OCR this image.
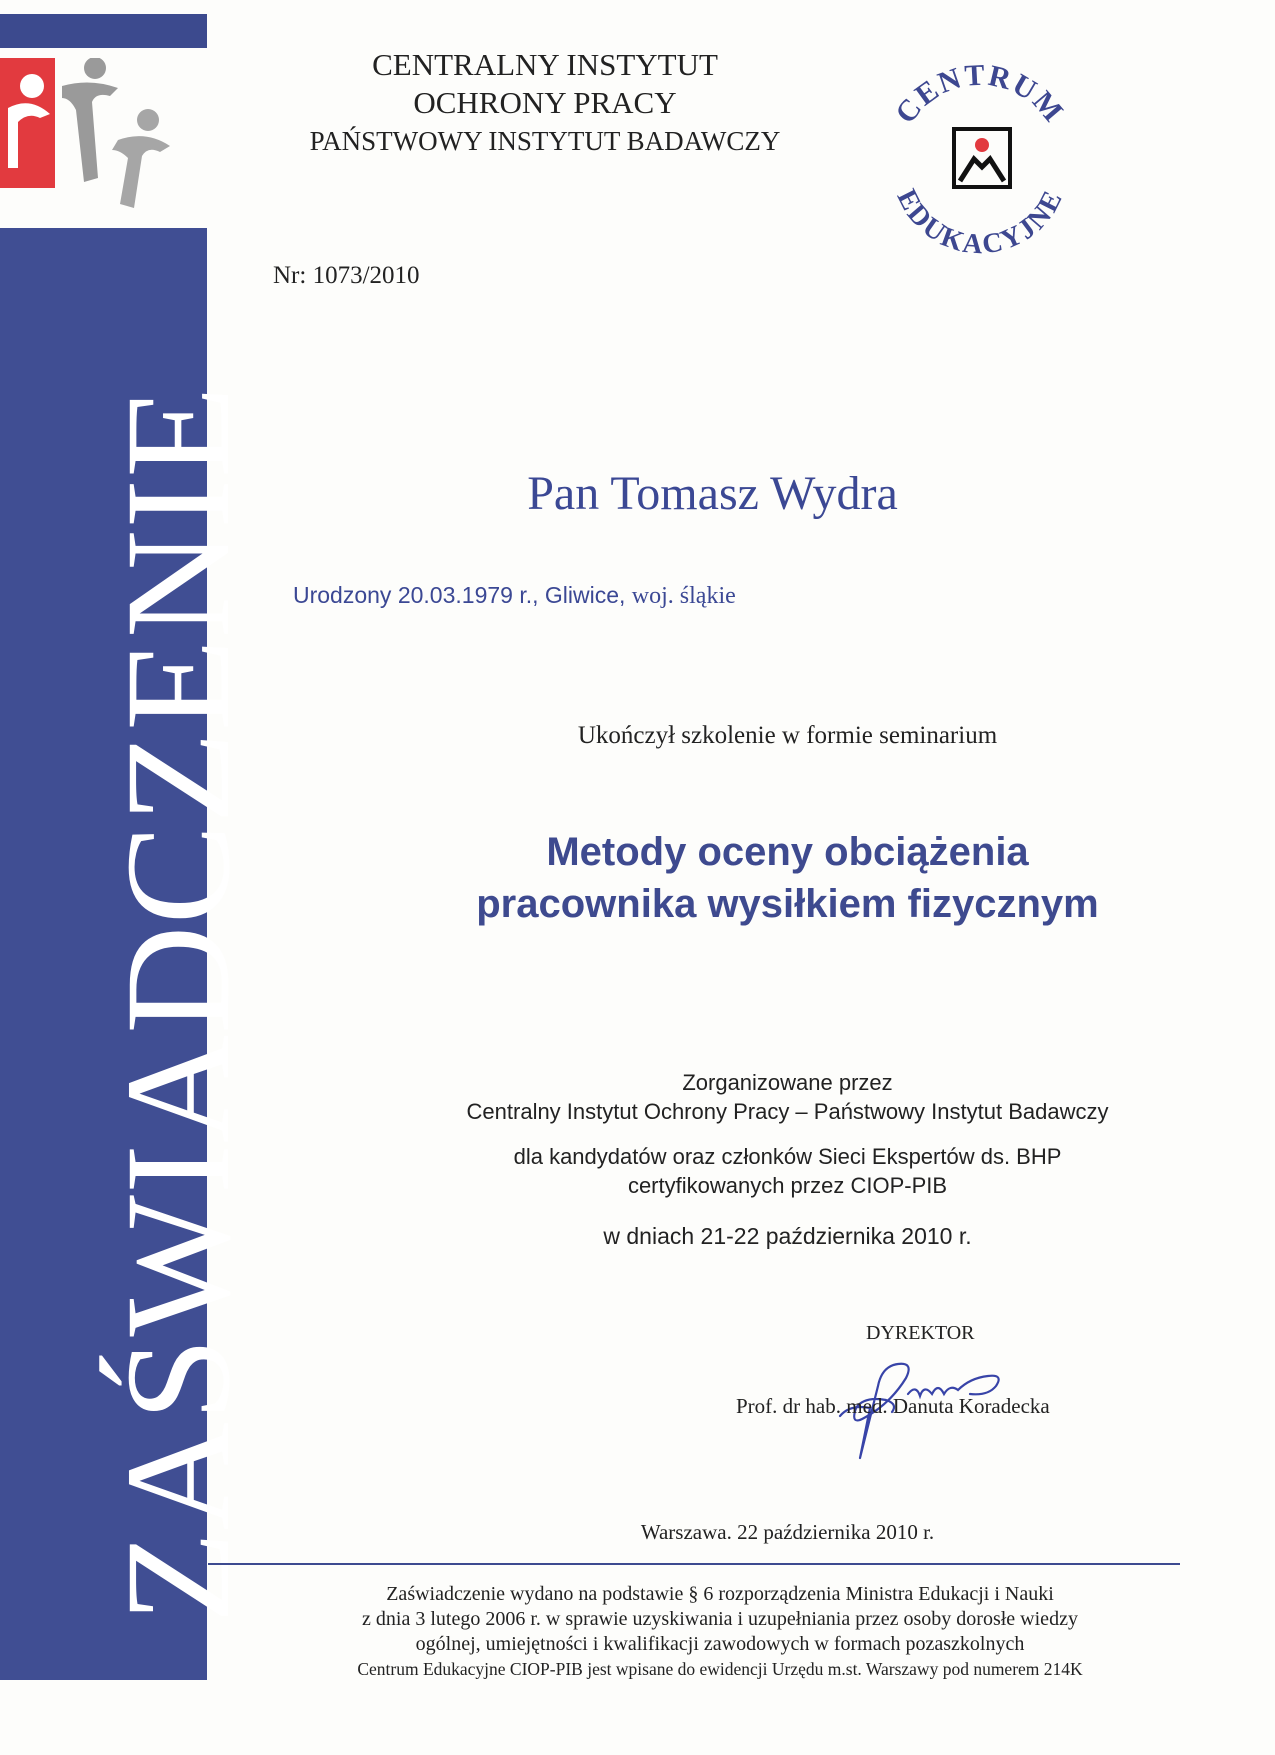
ZAŚWIADCZENIE
CENTRALNY INSTYTUT
OCHRONY PRACY
PAŃSTWOWY INSTYTUT BADAWCZY
CENTRUM
EDUKACYJNE
Nr: 1073/2010
Pan Tomasz Wydra
Urodzony 20.03.1979 r., Gliwice, woj. śląkie
Ukończył szkolenie w formie seminarium
Metody oceny obciążenia
pracownika wysiłkiem fizycznym
Zorganizowane przez
Centralny Instytut Ochrony Pracy – Państwowy Instytut Badawczy
dla kandydatów oraz członków Sieci Ekspertów ds. BHP
certyfikowanych przez CIOP-PIB
w dniach 21-22 października 2010 r.
DYREKTOR
Prof. dr hab. med. Danuta Koradecka
Warszawa. 22 października 2010 r.
Zaświadczenie wydano na podstawie § 6 rozporządzenia Ministra Edukacji i Nauki
z dnia 3 lutego 2006 r. w sprawie uzyskiwania i uzupełniania przez osoby dorosłe wiedzy
ogólnej, umiejętności i kwalifikacji zawodowych w formach pozaszkolnych
Centrum Edukacyjne CIOP-PIB jest wpisane do ewidencji Urzędu m.st. Warszawy pod numerem 214K
